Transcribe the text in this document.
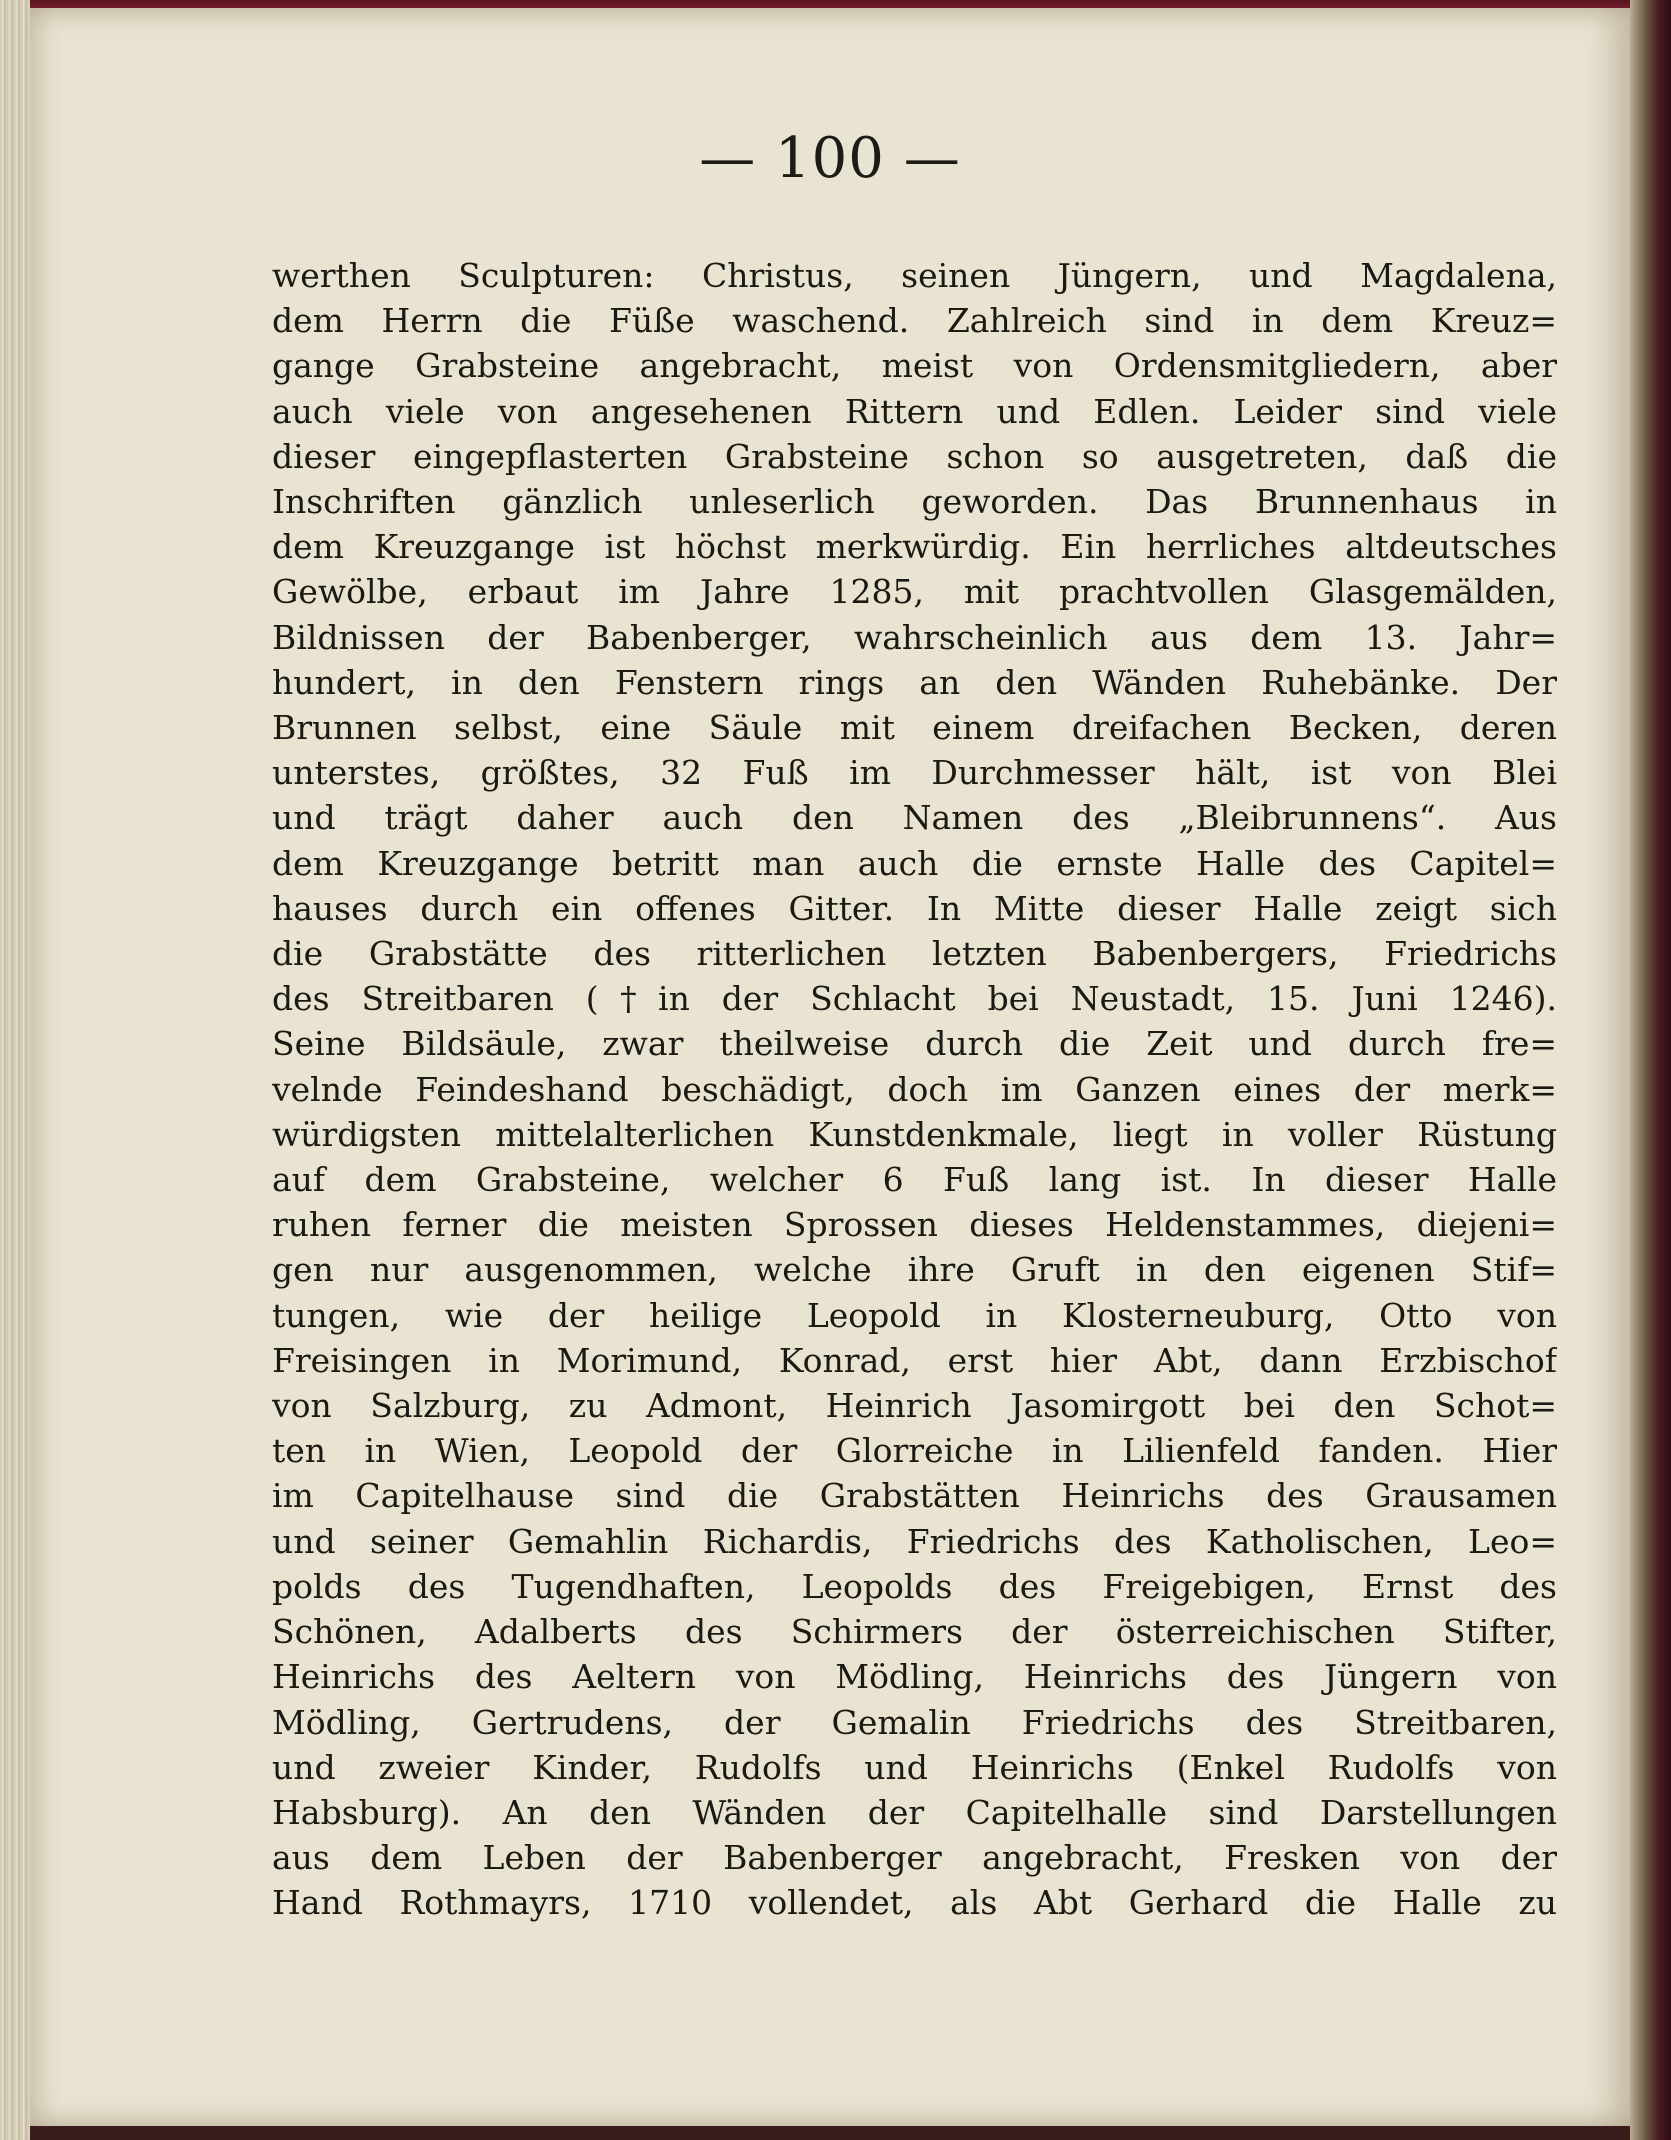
— 100 —

werthen Sculpturen: Christus, seinen Jüngern, und Magdalena,
dem Herrn die Füße waschend. Zahlreich sind in dem Kreuz=
gange Grabsteine angebracht, meist von Ordensmitgliedern, aber
auch viele von angesehenen Rittern und Edlen. Leider sind viele
dieser eingepflasterten Grabsteine schon so ausgetreten, daß die
Inschriften gänzlich unleserlich geworden. Das Brunnenhaus in
dem Kreuzgange ist höchst merkwürdig. Ein herrliches altdeutsches
Gewölbe, erbaut im Jahre 1285, mit prachtvollen Glasgemälden,
Bildnissen der Babenberger, wahrscheinlich aus dem 13. Jahr=
hundert, in den Fenstern rings an den Wänden Ruhebänke. Der
Brunnen selbst, eine Säule mit einem dreifachen Becken, deren
unterstes, größtes, 32 Fuß im Durchmesser hält, ist von Blei
und trägt daher auch den Namen des „Bleibrunnens“. Aus
dem Kreuzgange betritt man auch die ernste Halle des Capitel=
hauses durch ein offenes Gitter. In Mitte dieser Halle zeigt sich
die Grabstätte des ritterlichen letzten Babenbergers, Friedrichs
des Streitbaren (†in der Schlacht bei Neustadt, 15. Juni 1246).
Seine Bildsäule, zwar theilweise durch die Zeit und durch fre=
velnde Feindeshand beschädigt, doch im Ganzen eines der merk=
würdigsten mittelalterlichen Kunstdenkmale, liegt in voller Rüstung
auf dem Grabsteine, welcher 6 Fuß lang ist. In dieser Halle
ruhen ferner die meisten Sprossen dieses Heldenstammes, diejeni=
gen nur ausgenommen, welche ihre Gruft in den eigenen Stif=
tungen, wie der heilige Leopold in Klosterneuburg, Otto von
Freisingen in Morimund, Konrad, erst hier Abt, dann Erzbischof
von Salzburg, zu Admont, Heinrich Jasomirgott bei den Schot=
ten in Wien, Leopold der Glorreiche in Lilienfeld fanden. Hier
im Capitelhause sind die Grabstätten Heinrichs des Grausamen
und seiner Gemahlin Richardis, Friedrichs des Katholischen, Leo=
polds des Tugendhaften, Leopolds des Freigebigen, Ernst des
Schönen, Adalberts des Schirmers der österreichischen Stifter,
Heinrichs des Aeltern von Mödling, Heinrichs des Jüngern von
Mödling, Gertrudens, der Gemalin Friedrichs des Streitbaren,
und zweier Kinder, Rudolfs und Heinrichs (Enkel Rudolfs von
Habsburg). An den Wänden der Capitelhalle sind Darstellungen
aus dem Leben der Babenberger angebracht, Fresken von der
Hand Rothmayrs, 1710 vollendet, als Abt Gerhard die Halle zu
